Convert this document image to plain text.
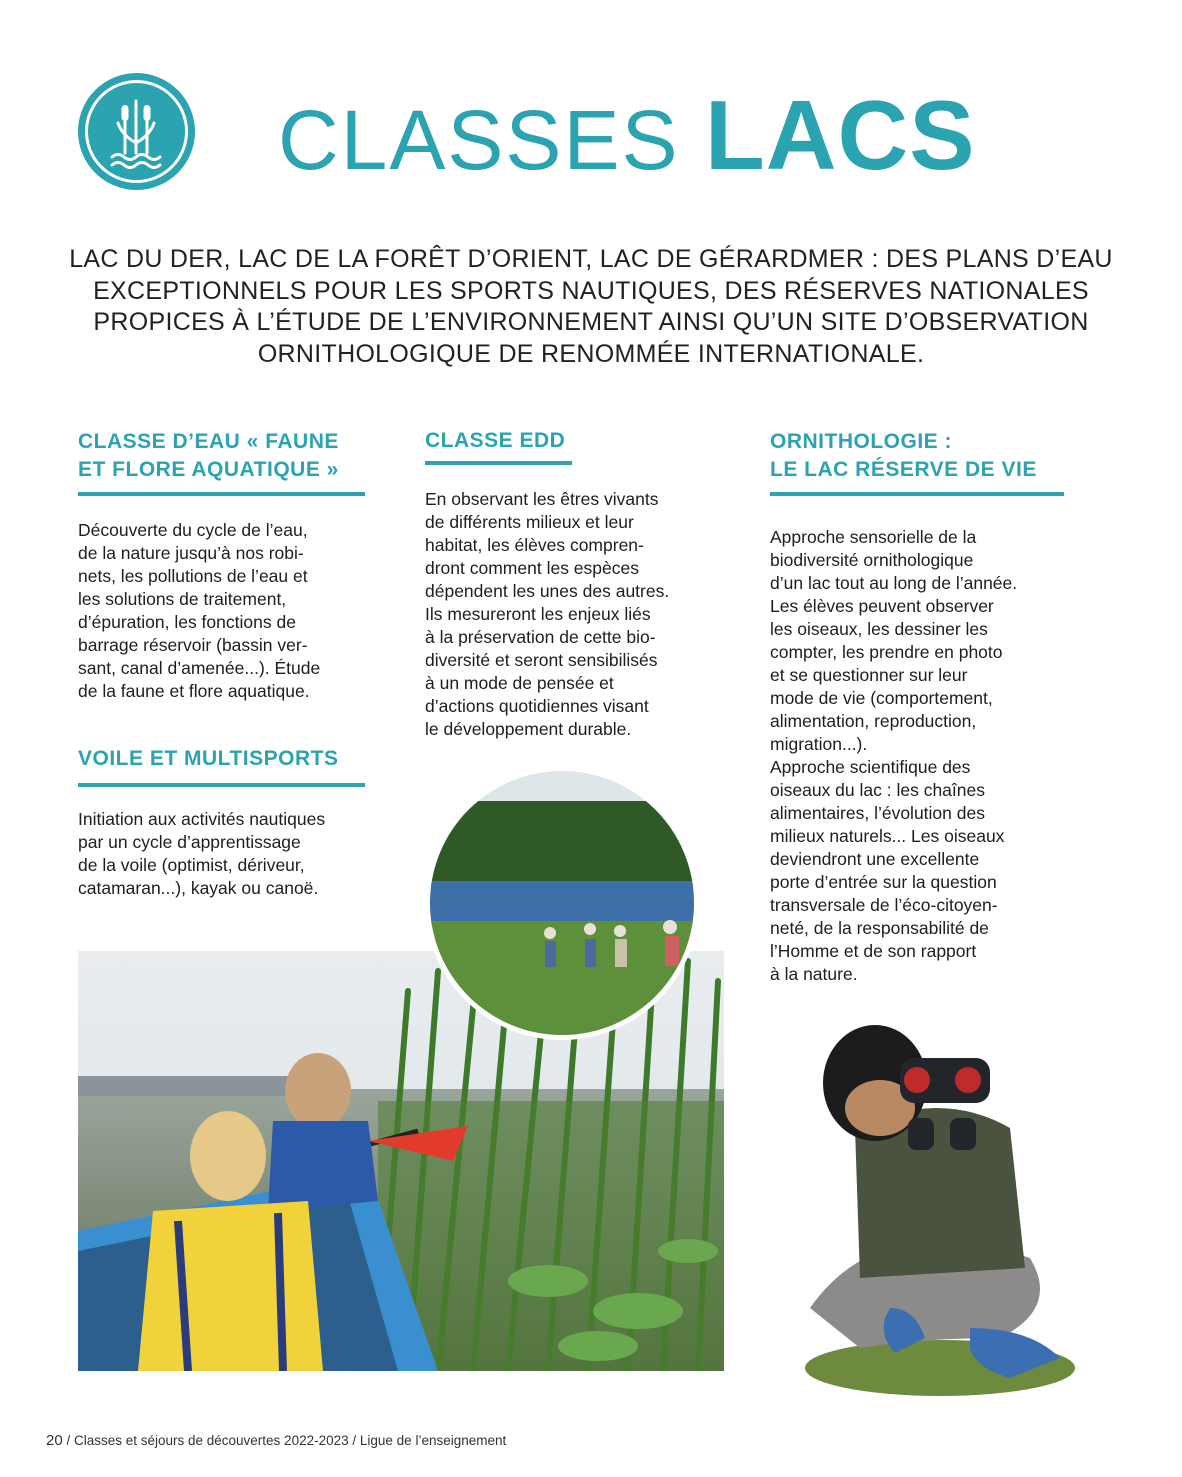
CLASSES LACS
LAC DU DER, LAC DE LA FORÊT D’ORIENT, LAC DE GÉRARDMER : DES PLANS D’EAU EXCEPTIONNELS POUR LES SPORTS NAUTIQUES, DES RÉSERVES NATIONALES PROPICES À L’ÉTUDE DE L’ENVIRONNEMENT AINSI QU’UN SITE D’OBSERVATION ORNITHOLOGIQUE DE RENOMMÉE INTERNATIONALE.
CLASSE D’EAU « FAUNE
ET FLORE AQUATIQUE »
Découverte du cycle de l’eau,
de la nature jusqu’à nos robi-
nets, les pollutions de l’eau et
les solutions de traitement,
d’épuration, les fonctions de
barrage réservoir (bassin ver-
sant, canal d’amenée...). Étude
de la faune et flore aquatique.
VOILE ET MULTISPORTS
Initiation aux activités nautiques
par un cycle d’apprentissage
de la voile (optimist, dériveur,
catamaran...), kayak ou canoë.
CLASSE EDD
En observant les êtres vivants
de différents milieux et leur
habitat, les élèves compren-
dront comment les espèces
dépendent les unes des autres.
Ils mesureront les enjeux liés
à la préservation de cette bio-
diversité et seront sensibilisés
à un mode de pensée et
d’actions quotidiennes visant
le développement durable.
ORNITHOLOGIE :
LE LAC RÉSERVE DE VIE
Approche sensorielle de la
biodiversité ornithologique
d’un lac tout au long de l’année.
Les élèves peuvent observer
les oiseaux, les dessiner les
compter, les prendre en photo
et se questionner sur leur
mode de vie (comportement,
alimentation, reproduction,
migration...).
Approche scientifique des
oiseaux du lac : les chaînes
alimentaires, l’évolution des
milieux naturels... Les oiseaux
deviendront une excellente
porte d’entrée sur la question
transversale de l’éco-citoyen-
neté, de la responsabilité de
l’Homme et de son rapport
à la nature.
20 / Classes et séjours de découvertes 2022-2023 / Ligue de l’enseignement
